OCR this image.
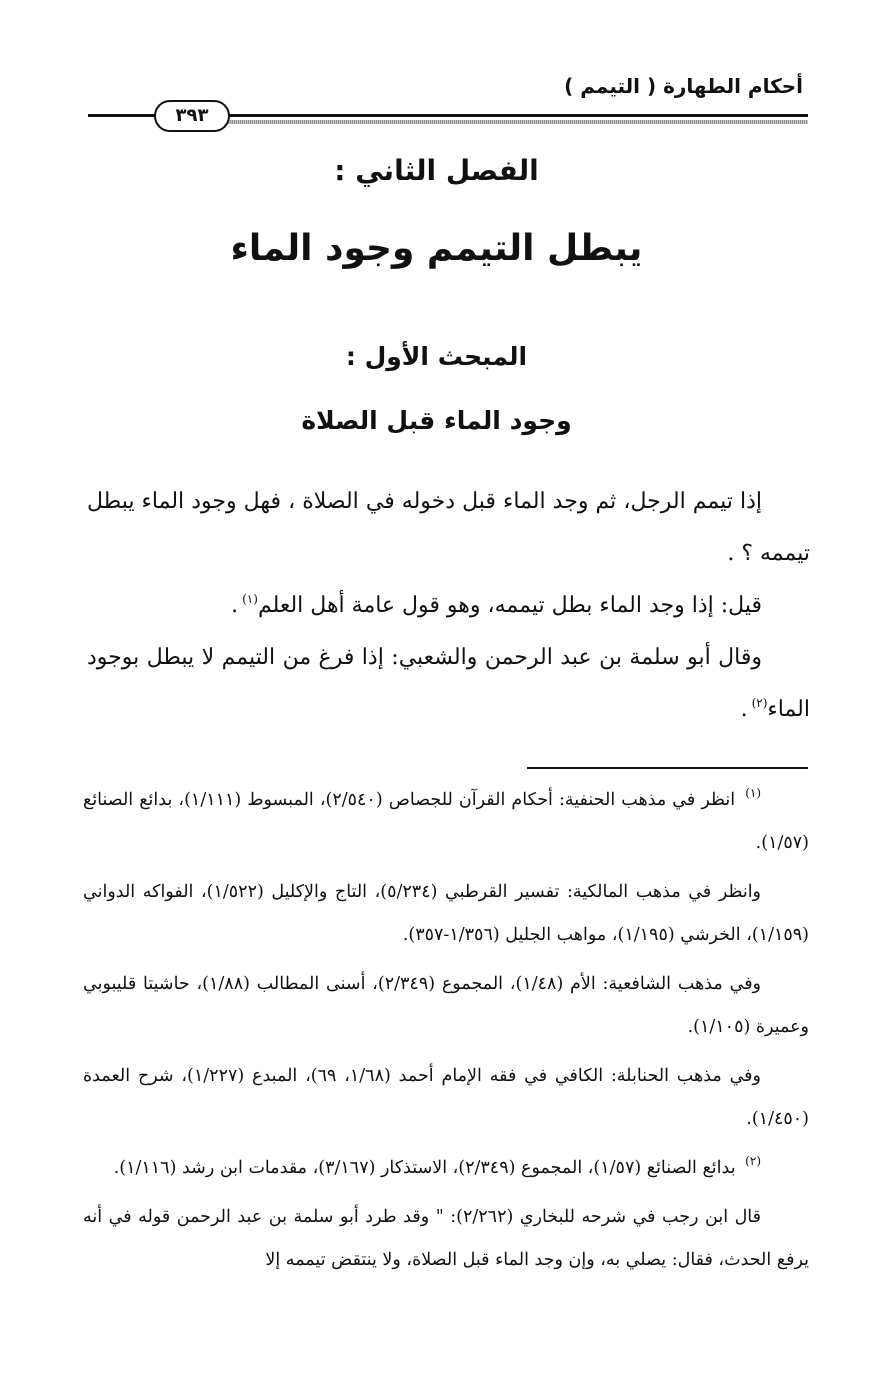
أحكام الطهارة ( التيمم )
٣٩٣
الفصل الثاني :
يبطل التيمم وجود الماء
المبحث الأول :
وجود الماء قبل الصلاة

إذا تيمم الرجل، ثم وجد الماء قبل دخوله في الصلاة ، فهل وجود الماء يبطل تيممه ؟ .

قيل: إذا وجد الماء بطل تيممه، وهو قول عامة أهل العلم$^{(١)}$.

وقال أبو سلمة بن عبد الرحمن والشعبي: إذا فرغ من التيمم لا يبطل بوجود الماء$^{(٢)}$.

$^{(١)}$ انظر في مذهب الحنفية: أحكام القرآن للجصاص (٢/٥٤٠)، المبسوط (١/١١١)، بدائع الصنائع (١/٥٧).

وانظر في مذهب المالكية: تفسير القرطبي (٥/٢٣٤)، التاج والإكليل (١/٥٢٢)، الفواكه الدواني (١/١٥٩)، الخرشي (١/١٩٥)، مواهب الجليل (١/٣٥٦-٣٥٧).

وفي مذهب الشافعية: الأم (١/٤٨)، المجموع (٢/٣٤٩)، أسنى المطالب (١/٨٨)، حاشيتا قليبوبي وعميرة (١/١٠٥).

وفي مذهب الحنابلة: الكافي في فقه الإمام أحمد (١/٦٨، ٦٩)، المبدع (١/٢٢٧)، شرح العمدة (١/٤٥٠).

$^{(٢)}$ بدائع الصنائع (١/٥٧)، المجموع (٢/٣٤٩)، الاستذكار (٣/١٦٧)، مقدمات ابن رشد (١/١١٦).

قال ابن رجب في شرحه للبخاري (٢/٢٦٢): " وقد طرد أبو سلمة بن عبد الرحمن قوله في أنه يرفع الحدث، فقال: يصلي به، وإن وجد الماء قبل الصلاة، ولا ينتقض تيممه إلا
